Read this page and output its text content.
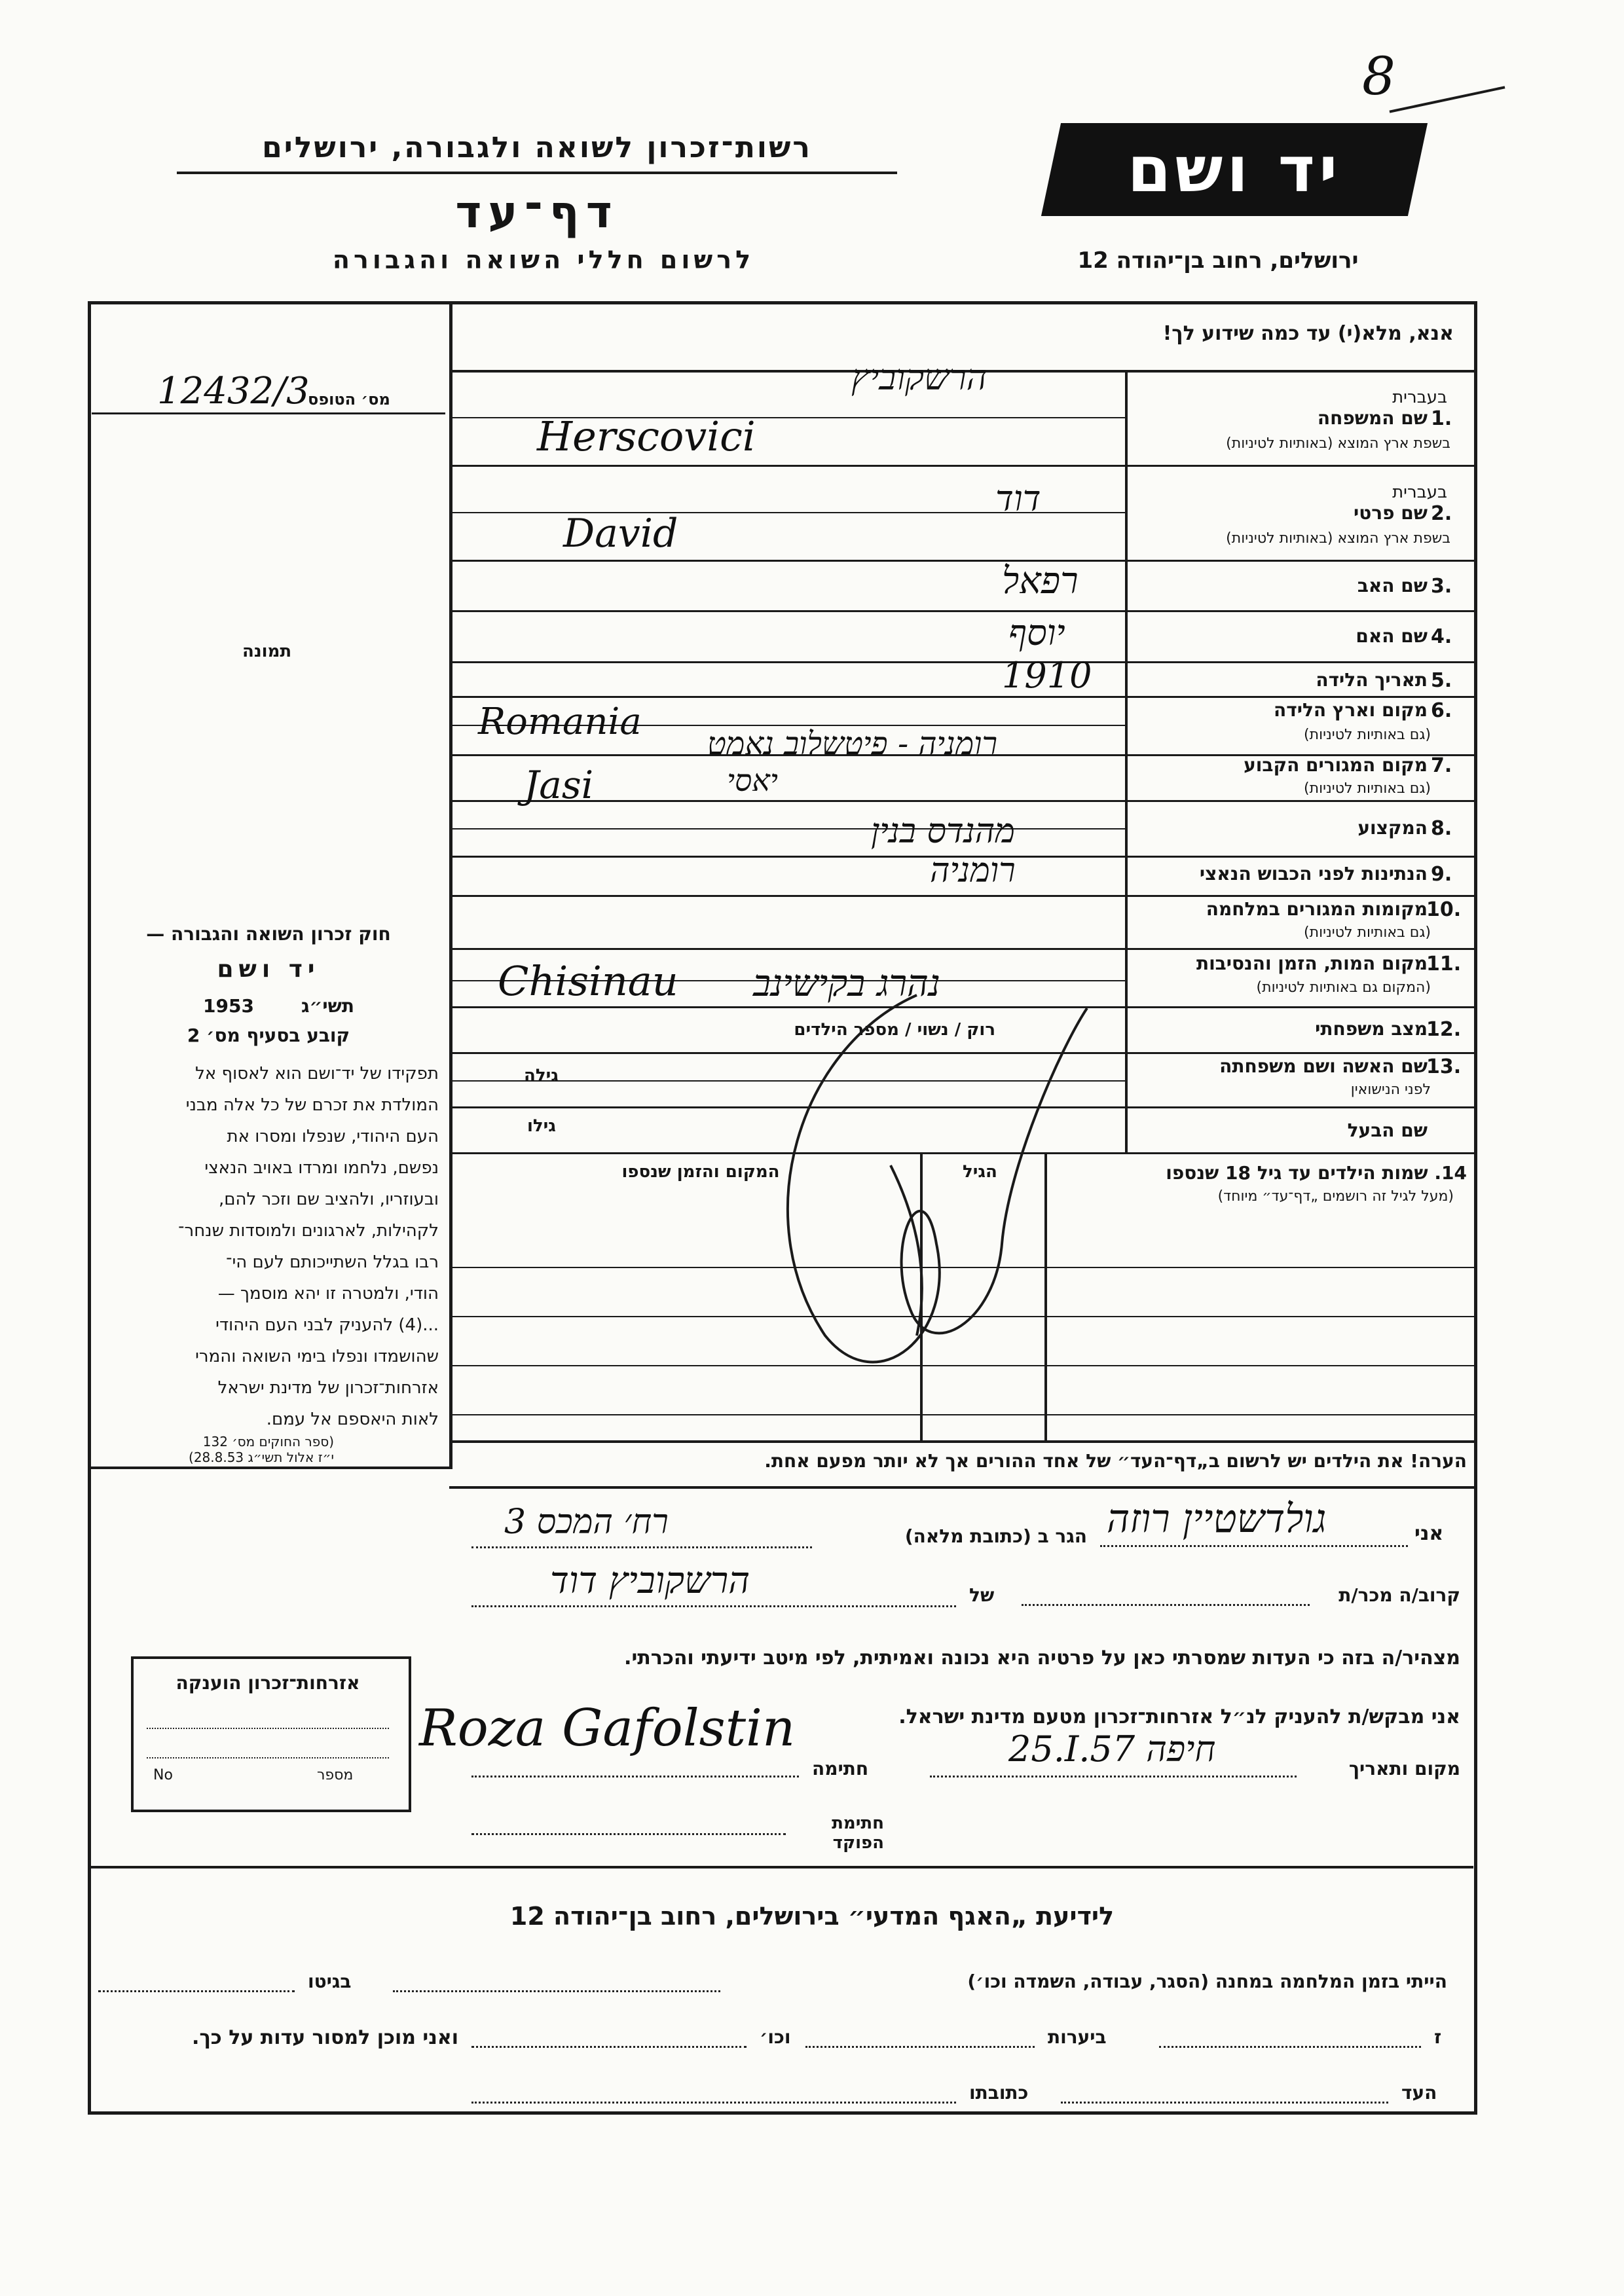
רשות־זכרון לשואה ולגבורה, ירושלים
דף־עד
לרשום חללי השואה והגבורה
יד ושם
ירושלים, רחוב בן־יהודה 12
8
אנא, מלא(י) עד כמה שידוע לך!
12432/3
מס׳ הטופס
תמונה
בעברית
שם המשפחה 1.
בשפת ארץ המוצא (באותיות לטיניות)
הרשקוביץ
Herscovici
בעברית
שם פרטי 2.
בשפת ארץ המוצא (באותיות לטיניות)
דוד
David
שם האב 3.
רפאל
שם האם 4.
יוסף
תאריך הלידה 5.
1910
מקום וארץ הלידה 6.
(גם באותיות לטיניות)
רומניה - פיטשלוב נאמט
Romania
מקום המגורים הקבוע 7.
(גם באותיות לטיניות)
יאסי
Jasi
המקצוע 8.
מהנדס בנין
הנתינות לפני הכבוש הנאצי 9.
רומניה
מקומות המגורים במלחמה
10.
(גם באותיות לטיניות)
מקום המות, הזמן והנסיבות
11.
(המקום גם באותיות לטיניות)
נהרג בקישינב
Chisinau
מצב משפחתי
12.
רוק / נשוי / מספר הילדים
שם האשה ושם משפחתה
13.
לפני הנישואין
גילה
שם הבעל
גילו
14. שמות הילדים עד גיל 18 שנספו
(מעל לגיל זה רושמים „דף־עד״ מיוחד)
הגיל
המקום והזמן שנספו
הערה! את הילדים יש לרשום ב„דף־העד״ של אחד ההורים אך לא יותר מפעם אחת.
חוק זכרון השואה והגבורה —
יד ושם
1953	תשי״ג
קובע בסעיף מס׳ 2
תפקידו של יד־ושם הוא לאסוף אל
המולדת את זכרם של כל אלה מבני
העם היהודי, שנפלו ומסרו את
נפשם, נלחמו ומרדו באויב הנאצי
ובעוזריו, ולהציב שם וזכר להם,
לקהילות, לארגונים ולמוסדות שנחר־
רבו בגלל השתייכותם לעם הי־
הודי, ולמטרה זו יהא מוסמך —
...(4) להעניק לבני העם היהודי
שהושמדו ונפלו בימי השואה והמרי
אזרחות־זכרון של מדינת ישראל
לאות היאספם אל עמם.
(ספר החוקים מס׳ 132
י״ז אלול תשי״ג 28.8.53)
אני
גולדשטיין רוזה
הגר ב (כתובת מלאה)
רח׳ המכס 3
קרוב/ה מכר/ת
של
הרשקוביץ דוד
מצהיר/ה בזה כי העדות שמסרתי כאן על פרטיה היא נכונה ואמיתית, לפי מיטב ידיעתי והכרתי.
אני מבקש/ת להעניק לנ״ל אזרחות־זכרון מטעם מדינת ישראל.
מקום ותאריך
25.I.57 חיפה
חתימה
Roza Gafolstin
חתימת הפוקד
אזרחות־זכרון הוענקה
מספר
No
לידיעת „האגף המדעי״ בירושלים, רחוב בן־יהודה 12
הייתי בזמן המלחמה במחנה (הסגר, עבודה, השמדה וכו׳)
בגיטו
ז
ביערות
וכו׳
ואני מוכן למסור עדות על כך.
העד
כתובתו
